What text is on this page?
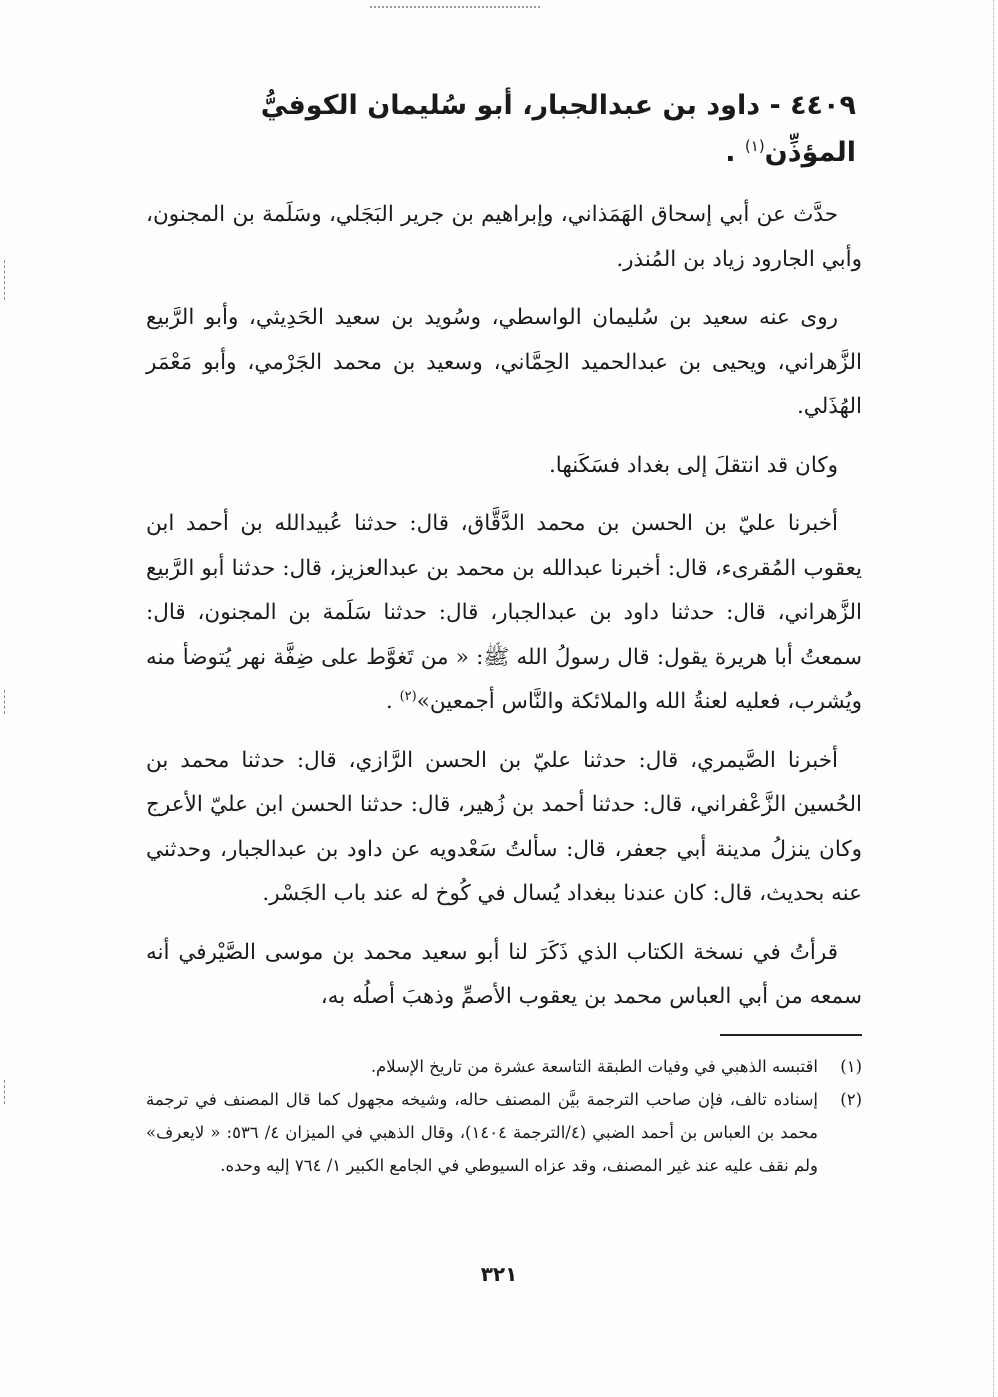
٤٤٠٩ - داود بن عبدالجبار، أبو سُليمان الكوفيُّ المؤذِّن$^{(١)}$ .

حدَّث عن أبي إسحاق الهَمَذاني، وإبراهيم بن جرير البَجَلي، وسَلَمة بن المجنون، وأبي الجارود زياد بن المُنذر.

روى عنه سعيد بن سُليمان الواسطي، وسُويد بن سعيد الحَدِيثي، وأبو الرَّبيع الزَّهراني، ويحيى بن عبدالحميد الحِمَّاني، وسعيد بن محمد الجَرْمي، وأبو مَعْمَر الهُذَلي.

وكان قد انتقلَ إلى بغداد فسَكَنها.

أخبرنا عليّ بن الحسن بن محمد الدَّقَّاق، قال: حدثنا عُبيدالله بن أحمد ابن يعقوب المُقرىء، قال: أخبرنا عبدالله بن محمد بن عبدالعزيز، قال: حدثنا أبو الرَّبيع الزَّهراني، قال: حدثنا داود بن عبدالجبار، قال: حدثنا سَلَمة بن المجنون، قال: سمعتُ أبا هريرة يقول: قال رسولُ الله ﷺ: « من تَغوَّط على ضِفَّة نهر يُتوضأ منه ويُشرب، فعليه لعنةُ الله والملائكة والنَّاس أجمعين»$^{(٢)}$ .

أخبرنا الصَّيمري، قال: حدثنا عليّ بن الحسن الرَّازي، قال: حدثنا محمد بن الحُسين الزَّعْفراني، قال: حدثنا أحمد بن زُهير، قال: حدثنا الحسن ابن عليّ الأعرج وكان ينزلُ مدينة أبي جعفر، قال: سألتُ سَعْدويه عن داود بن عبدالجبار، وحدثني عنه بحديث، قال: كان عندنا ببغداد يُسال في كُوخ له عند باب الجَسْر.

قرأتُ في نسخة الكتاب الذي ذَكَرَ لنا أبو سعيد محمد بن موسى الصَّيْرفي أنه سمعه من أبي العباس محمد بن يعقوب الأصمِّ وذهبَ أصلُه به،

(١)
اقتبسه الذهبي في وفيات الطبقة التاسعة عشرة من تاريخ الإسلام.
(٢)
إسناده تالف، فإن صاحب الترجمة بيَّن المصنف حاله، وشيخه مجهول كما قال المصنف في ترجمة محمد بن العباس بن أحمد الضبي (٤/الترجمة ١٤٠٤)، وقال الذهبي في الميزان ٤/ ٥٣٦: « لايعرف» ولم نقف عليه عند غير المصنف، وقد عزاه السيوطي في الجامع الكبير ١/ ٧٦٤ إليه وحده.
٣٢١
